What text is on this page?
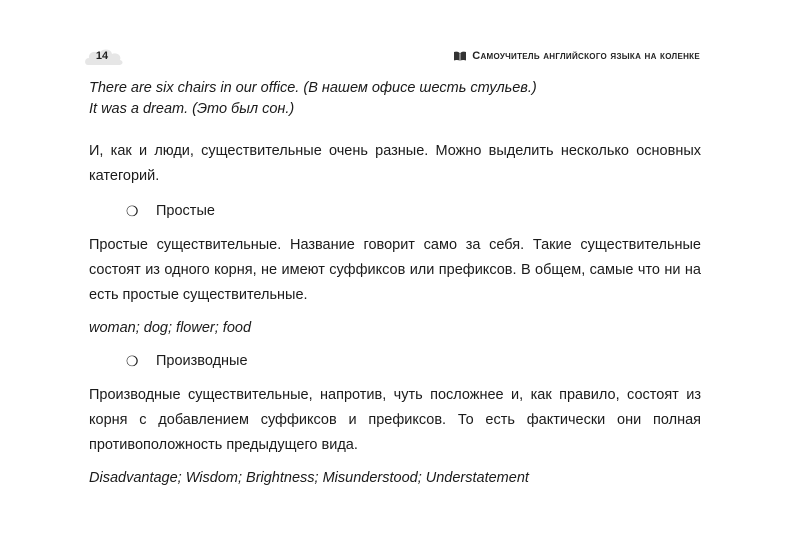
14	Самоучитель английского языка на коленке

There are six chairs in our office. (В нашем офисе шесть стульев.)

It was a dream. (Это был сон.)

И, как и люди, существительные очень разные. Можно выделить несколько основных категорий.

❍	Простые

Простые существительные. Название говорит само за себя. Такие существительные состоят из одного корня, не имеют суффиксов или префиксов. В общем, самые что ни на есть простые существительные.

woman; dog; flower; food

❍	Производные

Производные существительные, напротив, чуть посложнее и, как правило, состоят из корня с добавлением суффиксов и префиксов. То есть фактически они полная противоположность предыдущего вида.

Disadvantage; Wisdom; Brightness; Misunderstood; Understatement
